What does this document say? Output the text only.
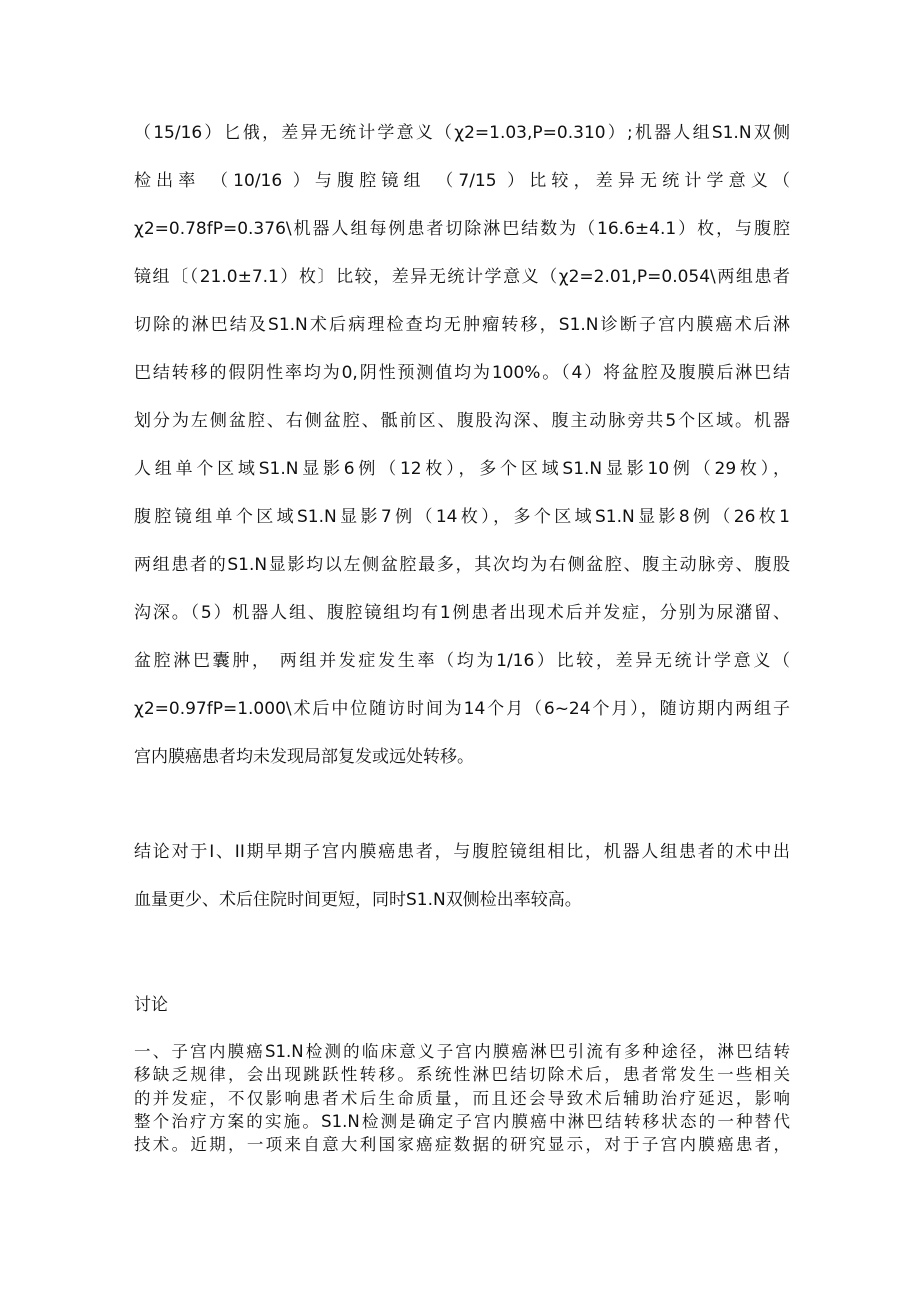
（15/16）匕俄，差异无统计学意义（χ2=1.03,P=0.310）;机器人组S1.N双侧
检出率 （10/16 ）与腹腔镜组 （7/15 ）比较，差异无统计学意义（
χ2=0.78fP=0.376\机器人组每例患者切除淋巴结数为（16.6±4.1）枚，与腹腔
镜组〔（21.0±7.1）枚〕比较，差异无统计学意义（χ2=2.01,P=0.054\两组患者
切除的淋巴结及S1.N术后病理检查均无肿瘤转移，S1.N诊断子宫内膜癌术后淋
巴结转移的假阴性率均为0,阴性预测值均为100%。（4）将盆腔及腹膜后淋巴结
划分为左侧盆腔、右侧盆腔、骶前区、腹股沟深、腹主动脉旁共5个区域。机器
人组单个区域S1.N显影6例（12枚），多个区域S1.N显影10例（29枚），
腹腔镜组单个区域S1.N显影7例（14枚），多个区域S1.N显影8例（26枚1
两组患者的S1.N显影均以左侧盆腔最多，其次均为右侧盆腔、腹主动脉旁、腹股
沟深。（5）机器人组、腹腔镜组均有1例患者出现术后并发症，分别为尿潴留、
盆腔淋巴囊肿， 两组并发症发生率（均为1/16）比较，差异无统计学意义（
χ2=0.97fP=1.000\术后中位随访时间为14个月（6~24个月），随访期内两组子
宫内膜癌患者均未发现局部复发或远处转移。
结论对于I、II期早期子宫内膜癌患者，与腹腔镜组相比，机器人组患者的术中出
血量更少、术后住院时间更短，同时S1.N双侧检出率较高。
讨论
一、子宫内膜癌S1.N检测的临床意义子宫内膜癌淋巴引流有多种途径，淋巴结转
移缺乏规律，会出现跳跃性转移。系统性淋巴结切除术后，患者常发生一些相关
的并发症，不仅影响患者术后生命质量，而且还会导致术后辅助治疗延迟，影响
整个治疗方案的实施。S1.N检测是确定子宫内膜癌中淋巴结转移状态的一种替代
技术。近期，一项来自意大利国家癌症数据的研究显示，对于子宫内膜癌患者，
